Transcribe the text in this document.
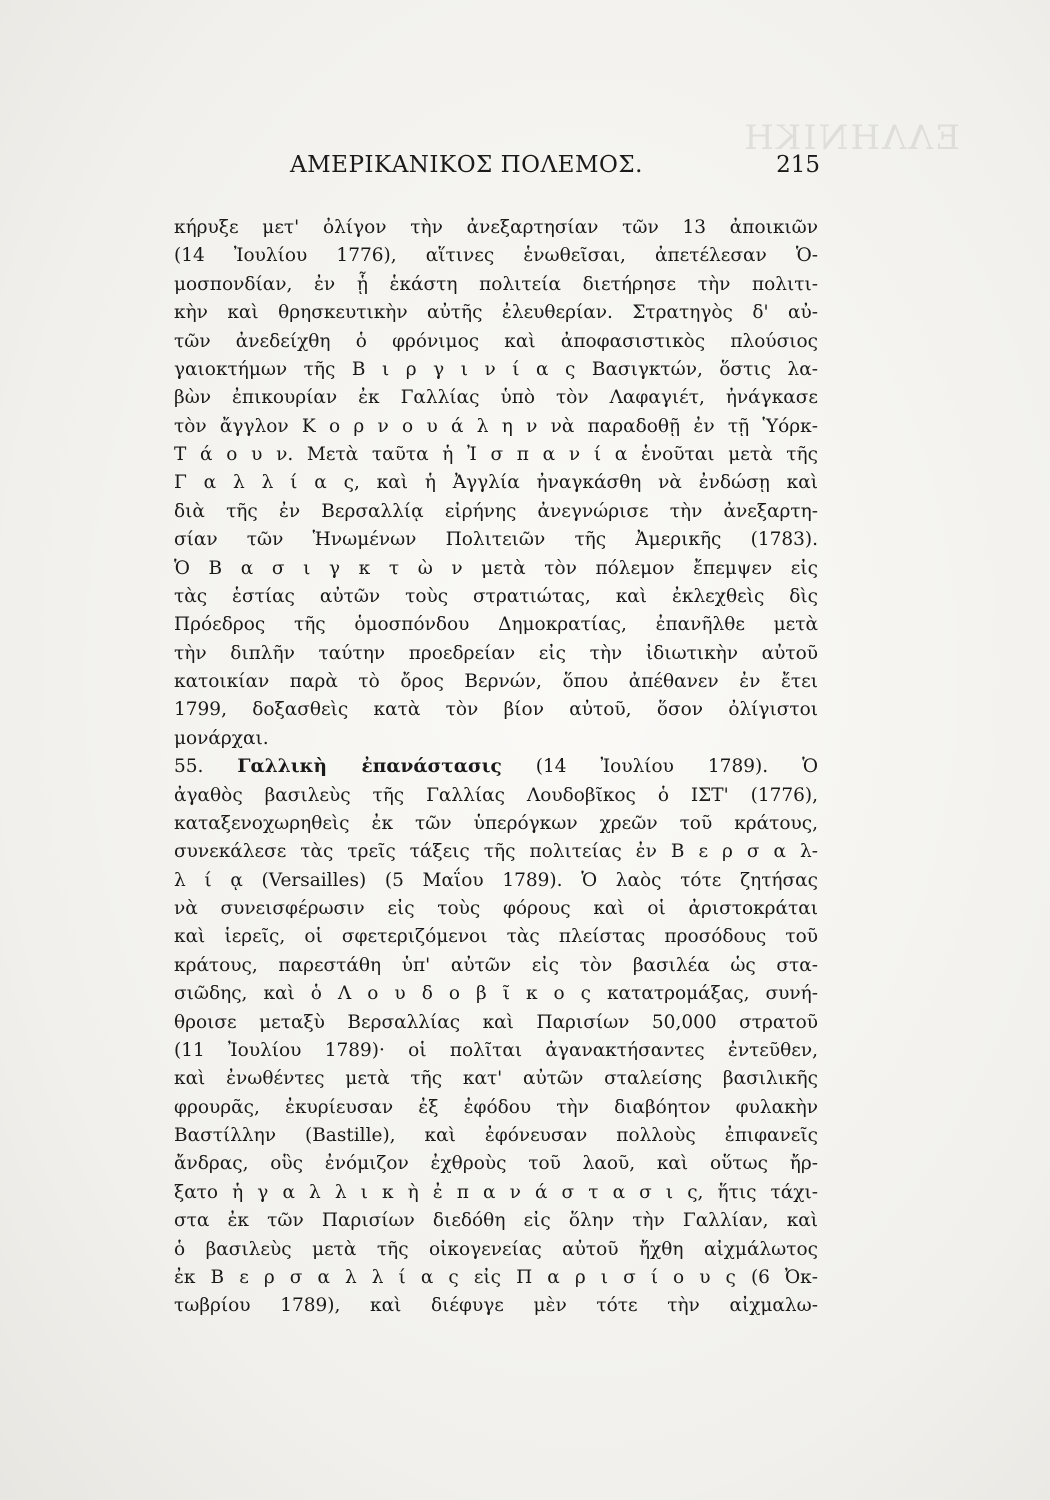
ΕΛΛΗΝΙΚΗ
ΑΜΕΡΙΚΑΝΙΚΟΣ ΠΟΛΕΜΟΣ.	215
κήρυξε μετ' ὀλίγον τὴν ἀνεξαρτησίαν τῶν 13 ἀποικιῶν
(14 Ἰουλίου 1776), αἵτινες ἑνωθεῖσαι, ἀπετέλεσαν Ὁ-
μοσπονδίαν, ἐν ᾗ ἑκάστη πολιτεία διετήρησε τὴν πολιτι-
κὴν καὶ θρησκευτικὴν αὐτῆς ἐλευθερίαν. Στρατηγὸς δ' αὐ-
τῶν ἀνεδείχθη ὁ φρόνιμος καὶ ἀποφασιστικὸς πλούσιος
γαιοκτήμων τῆς Β ι ρ γ ι ν ί α ς Βασιγκτών, ὅστις λα-
βὼν ἐπικουρίαν ἐκ Γαλλίας ὑπὸ τὸν Λαφαγιέτ, ἠνάγκασε
τὸν ἄγγλον Κ ο ρ ν ο υ ά λ η ν νὰ παραδοθῇ ἐν τῇ Ὑόρκ-
Τ ά ο υ ν. Μετὰ ταῦτα ἡ Ἰ σ π α ν ί α ἑνοῦται μετὰ τῆς
Γ α λ λ ί α ς, καὶ ἡ Ἀγγλία ἠναγκάσθη νὰ ἐνδώσῃ καὶ
διὰ τῆς ἐν Βερσαλλίᾳ εἰρήνης ἀνεγνώρισε τὴν ἀνεξαρτη-
σίαν τῶν Ἡνωμένων Πολιτειῶν τῆς Ἀμερικῆς (1783).
Ὁ Β α σ ι γ κ τ ὼ ν μετὰ τὸν πόλεμον ἔπεμψεν εἰς
τὰς ἑστίας αὐτῶν τοὺς στρατιώτας, καὶ ἐκλεχθεὶς δὶς
Πρόεδρος τῆς ὁμοσπόνδου Δημοκρατίας, ἐπανῆλθε μετὰ
τὴν διπλῆν ταύτην προεδρείαν εἰς τὴν ἰδιωτικὴν αὐτοῦ
κατοικίαν παρὰ τὸ ὄρος Βερνών, ὅπου ἀπέθανεν ἐν ἔτει
1799, δοξασθεὶς κατὰ τὸν βίον αὐτοῦ, ὅσον ὀλίγιστοι
μονάρχαι.
55. Γαλλικὴ ἐπανάστασις (14 Ἰουλίου 1789). Ὁ
ἀγαθὸς βασιλεὺς τῆς Γαλλίας Λουδοβῖκος ὁ ΙΣΤ' (1776),
καταξενοχωρηθεὶς ἐκ τῶν ὑπερόγκων χρεῶν τοῦ κράτους,
συνεκάλεσε τὰς τρεῖς τάξεις τῆς πολιτείας ἐν Β ε ρ σ α λ-
λ ί ᾳ (Versailles) (5 Μαΐου 1789). Ὁ λαὸς τότε ζητήσας
νὰ συνεισφέρωσιν εἰς τοὺς φόρους καὶ οἱ ἀριστοκράται
καὶ ἱερεῖς, οἱ σφετεριζόμενοι τὰς πλείστας προσόδους τοῦ
κράτους, παρεστάθη ὑπ' αὐτῶν εἰς τὸν βασιλέα ὡς στα-
σιῶδης, καὶ ὁ Λ ο υ δ ο β ῖ κ ο ς κατατρομάξας, συνή-
θροισε μεταξὺ Βερσαλλίας καὶ Παρισίων 50,000 στρατοῦ
(11 Ἰουλίου 1789)· οἱ πολῖται ἀγανακτήσαντες ἐντεῦθεν,
καὶ ἐνωθέντες μετὰ τῆς κατ' αὐτῶν σταλείσης βασιλικῆς
φρουρᾶς, ἐκυρίευσαν ἐξ ἐφόδου τὴν διαβόητον φυλακὴν
Βαστίλλην (Bastille), καὶ ἐφόνευσαν πολλοὺς ἐπιφανεῖς
ἄνδρας, οὓς ἐνόμιζον ἐχθροὺς τοῦ λαοῦ, καὶ οὕτως ἤρ-
ξατο ἡ γ α λ λ ι κ ὴ ἐ π α ν ά σ τ α σ ι ς, ἥτις τάχι-
στα ἐκ τῶν Παρισίων διεδόθη εἰς ὅλην τὴν Γαλλίαν, καὶ
ὁ βασιλεὺς μετὰ τῆς οἰκογενείας αὐτοῦ ἤχθη αἰχμάλωτος
ἐκ Β ε ρ σ α λ λ ί α ς εἰς Π α ρ ι σ ί ο υ ς (6 Ὀκ-
τωβρίου 1789), καὶ διέφυγε μὲν τότε τὴν αἰχμαλω-
